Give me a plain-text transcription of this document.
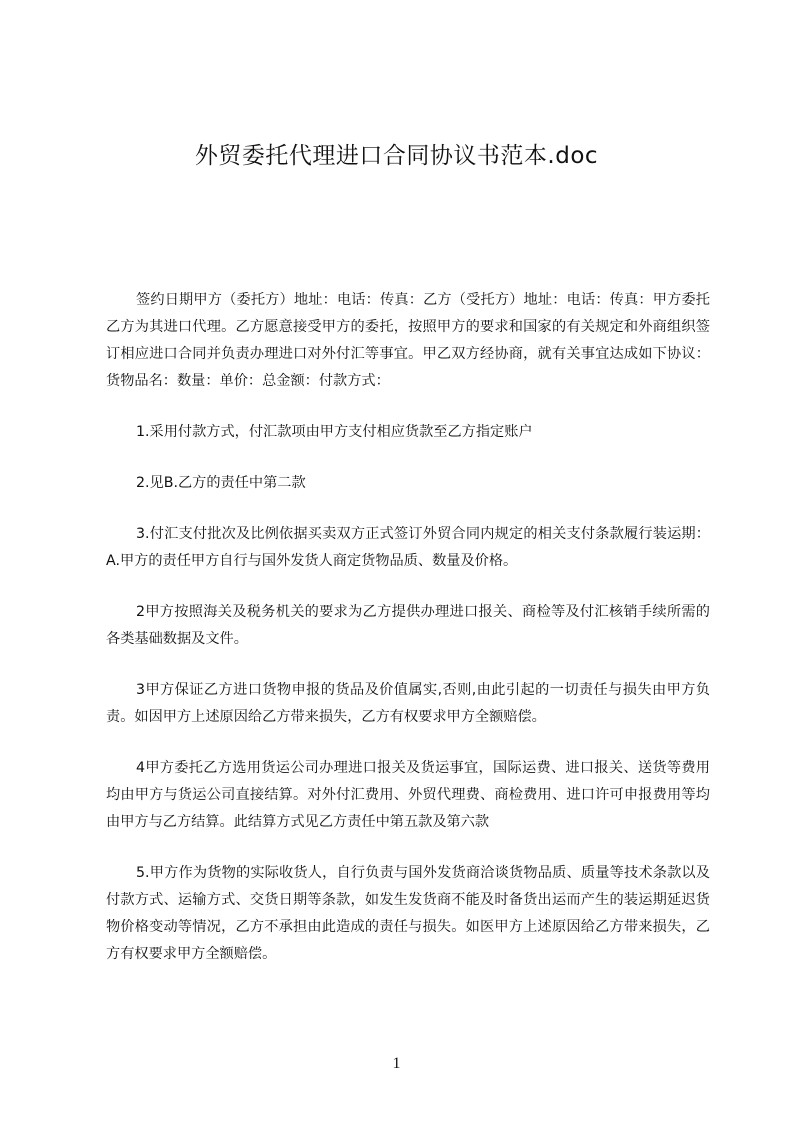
外贸委托代理进口合同协议书范本.doc

签约日期甲方（委托方）地址：电话：传真：乙方（受托方）地址：电话：传真：甲方委托乙方为其进口代理。乙方愿意接受甲方的委托，按照甲方的要求和国家的有关规定和外商组织签订相应进口合同并负责办理进口对外付汇等事宜。甲乙双方经协商，就有关事宜达成如下协议：货物品名：数量：单价：总金额：付款方式：

1.采用付款方式，付汇款项由甲方支付相应货款至乙方指定账户

2.见B.乙方的责任中第二款

3.付汇支付批次及比例依据买卖双方正式签订外贸合同内规定的相关支付条款履行装运期：A.甲方的责任甲方自行与国外发货人商定货物品质、数量及价格。

2甲方按照海关及税务机关的要求为乙方提供办理进口报关、商检等及付汇核销手续所需的各类基础数据及文件。

3甲方保证乙方进口货物申报的货品及价值属实,否则,由此引起的一切责任与损失由甲方负责。如因甲方上述原因给乙方带来损失，乙方有权要求甲方全额赔偿。

4甲方委托乙方选用货运公司办理进口报关及货运事宜，国际运费、进口报关、送货等费用均由甲方与货运公司直接结算。对外付汇费用、外贸代理费、商检费用、进口许可申报费用等均由甲方与乙方结算。此结算方式见乙方责任中第五款及第六款

5.甲方作为货物的实际收货人，自行负责与国外发货商洽谈货物品质、质量等技术条款以及付款方式、运输方式、交货日期等条款，如发生发货商不能及时备货出运而产生的装运期延迟货物价格变动等情况，乙方不承担由此造成的责任与损失。如医甲方上述原因给乙方带来损失，乙方有权要求甲方全额赔偿。

1
